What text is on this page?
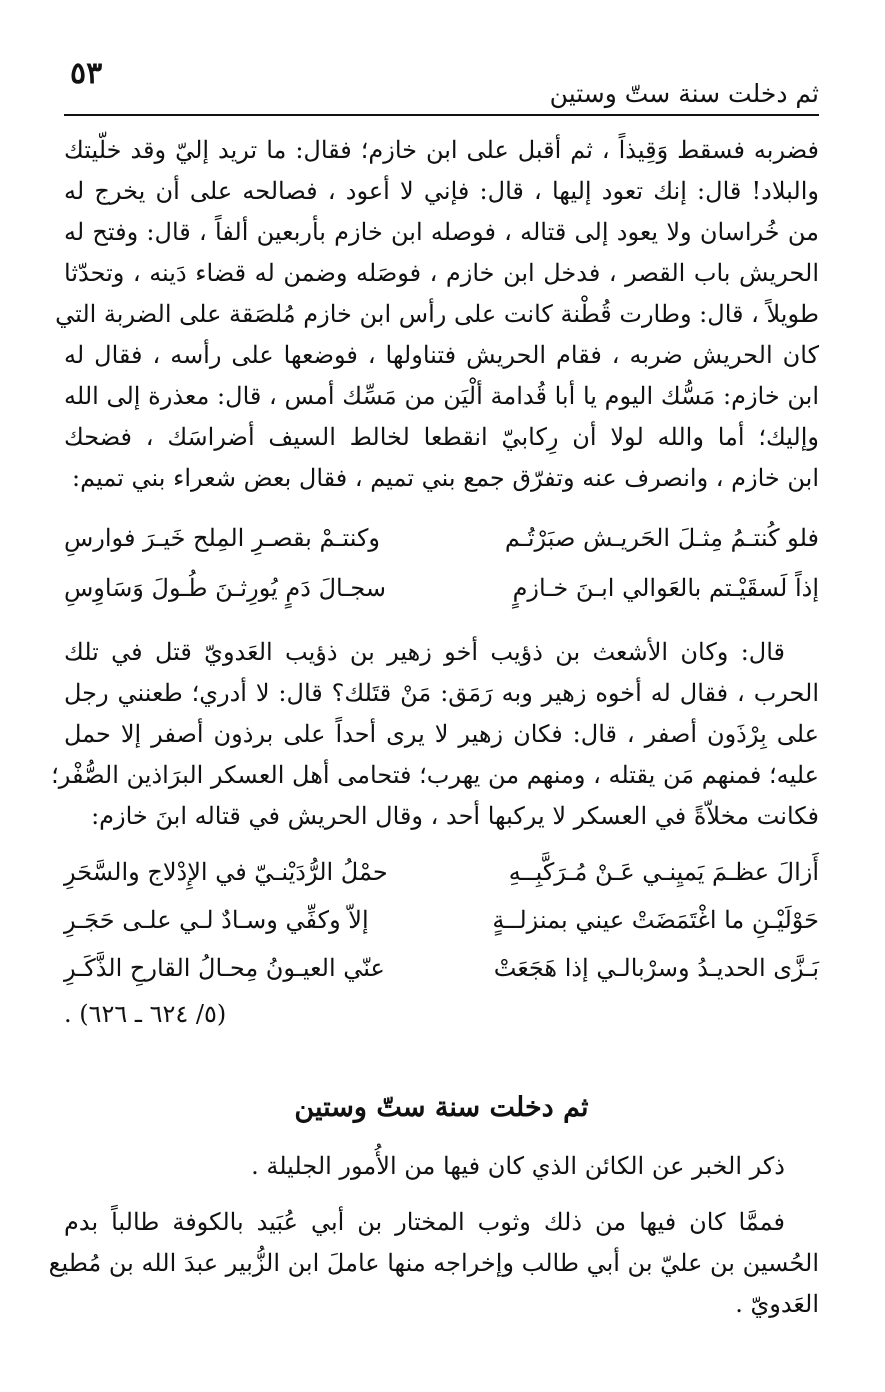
ثم دخلت سنة ستّ وستين
٥٣
فضربه فسقط وَقِيذاً ، ثم أقبل على ابن خازم؛ فقال: ما تريد إليّ وقد خلّيتك
والبلاد! قال: إنك تعود إليها ، قال: فإني لا أعود ، فصالحه على أن يخرج له
من خُراسان ولا يعود إلى قتاله ، فوصله ابن خازم بأربعين ألفاً ، قال: وفتح له
الحريش باب القصر ، فدخل ابن خازم ، فوصَله وضمن له قضاء دَينه ، وتحدّثا
طويلاً ، قال: وطارت قُطْنة كانت على رأس ابن خازم مُلصَقة على الضربة التي
كان الحريش ضربه ، فقام الحريش فتناولها ، فوضعها على رأسه ، فقال له
ابن خازم: مَسُّك اليوم يا أبا قُدامة ألْيَن من مَسِّك أمس ، قال: معذرة إلى الله
وإليك؛ أما والله لولا أن رِكابيّ انقطعا لخالط السيف أضراسَك ، فضحك
ابن خازم ، وانصرف عنه وتفرّق جمع بني تميم ، فقال بعض شعراء بني تميم:
فلو كُنتـمُ مِثـلَ الحَريـش صبَرْتُـم
وكنتـمْ بقصـرِ المِلح خَيـرَ فوارسِ
إذاً لَسقَيْـتم بالعَوالي ابـنَ خـازمٍ
سجـالَ دَمٍ يُورِثـنَ طُـولَ وَسَاوِسِ
قال: وكان الأشعث بن ذؤيب أخو زهير بن ذؤيب العَدويّ قتل في تلك
الحرب ، فقال له أخوه زهير وبه رَمَق: مَنْ قتَلك؟ قال: لا أدري؛ طعنني رجل
على بِرْذَون أصفر ، قال: فكان زهير لا يرى أحداً على برذون أصفر إلا حمل
عليه؛ فمنهم مَن يقتله ، ومنهم من يهرب؛ فتحامى أهل العسكر البرَاذين الصُّفْر؛
فكانت مخلاّةً في العسكر لا يركبها أحد ، وقال الحريش في قتاله ابنَ خازم:
أَزالَ عظـمَ يَميِنـي عَـنْ مُـرَكَّبِــهِ
حمْلُ الرُّدَيْنـيّ في الإِدْلاج والسَّحَرِ
حَوْلَيْـنِ ما اغْتَمَضَتْ عيني بمنزلــةٍ
إلاّ وكفِّي وسـادٌ لـي علـى حَجَـرِ
بَـزَّى الحديـدُ وسرْبالـي إذا هَجَعَتْ
عنّي العيـونُ مِحـالُ القارحِ الذَّكَـرِ
(٥/ ٦٢٤ ـ ٦٢٦) .
ثم دخلت سنة ستّ وستين
ذكر الخبر عن الكائن الذي كان فيها من الأُمور الجليلة .
فممَّا كان فيها من ذلك وثوب المختار بن أبي عُبَيد بالكوفة طالباً بدم
الحُسين بن عليّ بن أبي طالب وإخراجه منها عاملَ ابن الزُّبير عبدَ الله بن مُطيع
العَدويّ .
